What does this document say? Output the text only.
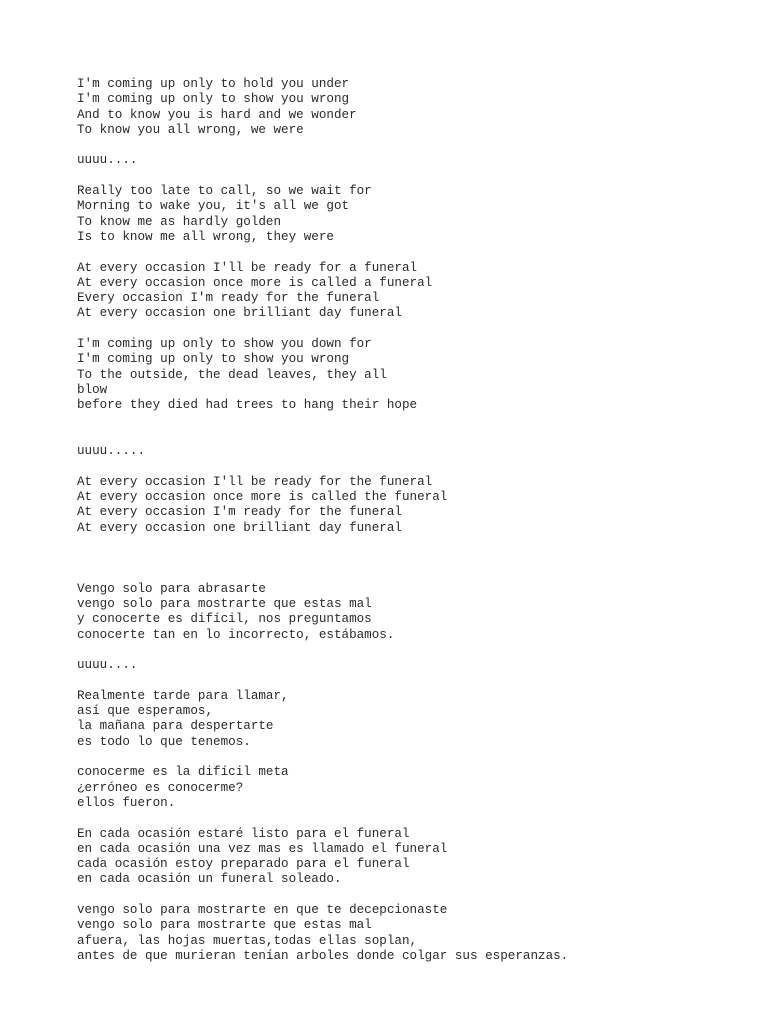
I'm coming up only to hold you under
I'm coming up only to show you wrong
And to know you is hard and we wonder
To know you all wrong, we were
uuuu....
Really too late to call, so we wait for
Morning to wake you, it's all we got
To know me as hardly golden
Is to know me all wrong, they were
At every occasion I'll be ready for a funeral
At every occasion once more is called a funeral
Every occasion I'm ready for the funeral
At every occasion one brilliant day funeral
I'm coming up only to show you down for
I'm coming up only to show you wrong
To the outside, the dead leaves, they all
blow
before they died had trees to hang their hope
uuuu.....
At every occasion I'll be ready for the funeral
At every occasion once more is called the funeral
At every occasion I'm ready for the funeral
At every occasion one brilliant day funeral
Vengo solo para abrasarte
vengo solo para mostrarte que estas mal
y conocerte es difícil, nos preguntamos
conocerte tan en lo incorrecto, estábamos.
uuuu....
Realmente tarde para llamar,
así que esperamos,
la mañana para despertarte
es todo lo que tenemos.
conocerme es la difícil meta
¿erróneo es conocerme?
ellos fueron.
En cada ocasión estaré listo para el funeral
en cada ocasión una vez mas es llamado el funeral
cada ocasión estoy preparado para el funeral
en cada ocasión un funeral soleado.
vengo solo para mostrarte en que te decepcionaste
vengo solo para mostrarte que estas mal
afuera, las hojas muertas,todas ellas soplan,
antes de que murieran tenían arboles donde colgar sus esperanzas.
